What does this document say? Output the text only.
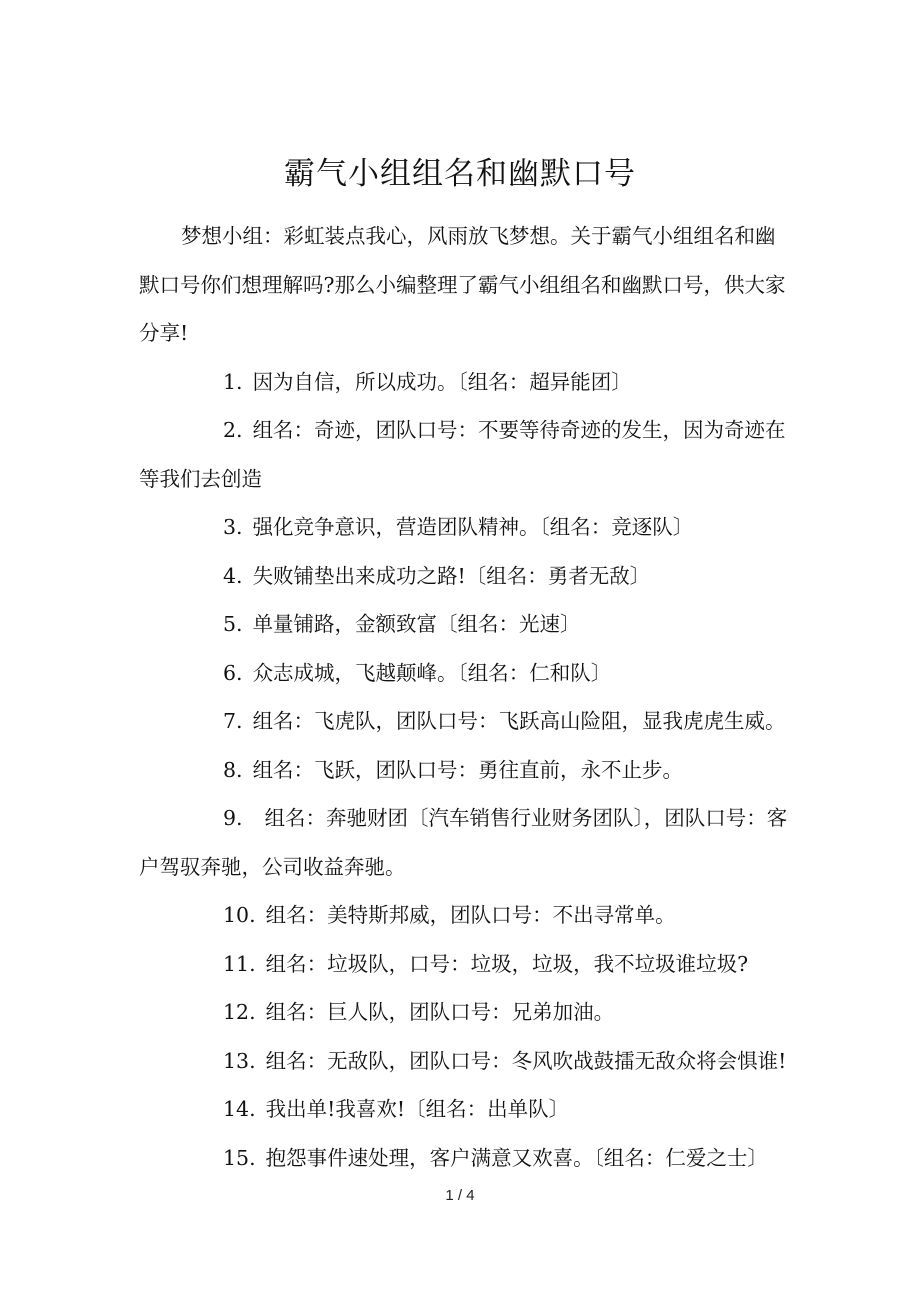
霸气小组组名和幽默口号

梦想小组：彩虹装点我心，风雨放飞梦想。关于霸气小组组名和幽默口号你们想理解吗?那么小编整理了霸气小组组名和幽默口号，供大家分享!

1. 因为自信，所以成功。〔组名：超异能团〕

2. 组名：奇迹，团队口号：不要等待奇迹的发生，因为奇迹在等我们去创造

3. 强化竞争意识，营造团队精神。〔组名：竞逐队〕

4. 失败铺垫出来成功之路!〔组名：勇者无敌〕

5. 单量铺路，金额致富〔组名：光速〕

6. 众志成城，飞越颠峰。〔组名：仁和队〕

7. 组名：飞虎队，团队口号：飞跃高山险阻，显我虎虎生威。

8. 组名：飞跃，团队口号：勇往直前，永不止步。

9. 组名：奔驰财团〔汽车销售行业财务团队〕，团队口号：客户驾驭奔驰，公司收益奔驰。

10. 组名：美特斯邦威，团队口号：不出寻常单。

11. 组名：垃圾队，口号：垃圾，垃圾，我不垃圾谁垃圾?

12. 组名：巨人队，团队口号：兄弟加油。

13. 组名：无敌队，团队口号：冬风吹战鼓擂无敌众将会惧谁!

14. 我出单!我喜欢!〔组名：出单队〕

15. 抱怨事件速处理，客户满意又欢喜。〔组名：仁爱之士〕

1 / 4
